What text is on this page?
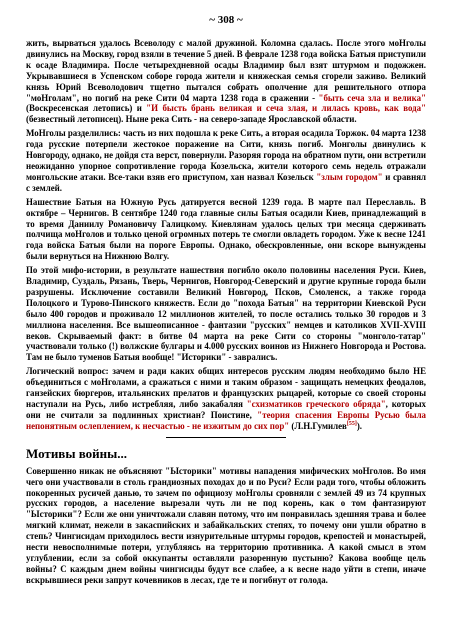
~ 308 ~

жить, вырваться удалось Всеволоду с малой дружиной. Коломна сдалась. После этого моНголы двинулись на Москву, город взяли в течение 5 дней. В феврале 1238 года войска Батыя приступили к осаде Владимира. После четырехдневной осады Владимир был взят штурмом и подожжен. Укрывавшиеся в Успенском соборе города жители и княжеская семья сгорели заживо. Великий князь Юрий Всеволодович тщетно пытался собрать ополчение для решительного отпора "моНголам", но погиб на реке Сити 04 марта 1238 года в сражении - "быть сеча зла и велика" (Воскресенская летопись) и "И бысть брань великая и сеча злая, и лилась кровь, как вода" (безвестный летописец). Ныне река Сить - на северо-западе Ярославской области.

МоНголы разделились: часть из них подошла к реке Сить, а вторая осадила Торжок. 04 марта 1238 года русские потерпели жестокое поражение на Сити, князь погиб. Монголы двинулись к Новгороду, однако, не дойдя ста верст, повернули. Разоряя города на обратном пути, они встретили неожиданно упорное сопротивление города Козельска, жители которого семь недель отражали монгольские атаки. Все-таки взяв его приступом, хан назвал Козельск "злым городом" и сравнял с землей.

Нашествие Батыя на Южную Русь датируется весной 1239 года. В марте пал Переславль. В октябре – Чернигов. В сентябре 1240 года главные силы Батыя осадили Киев, принадлежащий в то время Даниилу Романовичу Галицкому. Киевлянам удалось целых три месяца сдерживать полчища моНголов и только ценой огромных потерь те смогли овладеть городом. Уже к весне 1241 года войска Батыя были на пороге Европы. Однако, обескровленные, они вскоре вынуждены были вернуться на Нижнюю Волгу.

По этой мифо-истории, в результате нашествия погибло около половины населения Руси. Киев, Владимир, Суздаль, Рязань, Тверь, Чернигов, Новгород-Северский и другие крупные города были разрушены. Исключение составили Великий Новгород, Псков, Смоленск, а также города Полоцкого и Турово-Пинского княжеств. Если до "похода Батыя" на территории Киевской Руси было 400 городов и проживало 12 миллионов жителей, то после остались только 30 городов и 3 миллиона населения. Все вышеописанное - фантазии "русских" немцев и католиков XVII-XVIII веков. Скрываемый факт: в битве 04 марта на реке Сити со стороны "монголо-татар" участвовали только (!) волжские булгары и 4.000 русских воинов из Нижнего Новгорода и Ростова. Там не было туменов Батыя вообще! "Историки" - завралисъ.

Логический вопрос: зачем и ради каких общих интересов русским людям необходимо было НЕ объединиться с моНголами, а сражаться с ними и таким образом - защищать немецких феодалов, ганзейских бюргеров, итальянских прелатов и французских рыцарей, которые со своей стороны наступали на Русь, либо истребляя, либо закабаляя "схизматиков греческого обряда", которых они не считали за подлинных христиан? Поистине, "теория спасения Европы Русью была непонятным ослеплением, к несчастью - не изжитым до сих пор" (Л.Н.Гумилев[55]).

Мотивы войны...

Совершенно никак не объясняют "Ысторики" мотивы нападения мифических моНголов. Во имя чего они участвовали в столь грандиозных походах до и по Руси? Если ради того, чтобы обложить покоренных русичей данью, то зачем по официозу моНголы сровняли с землей 49 из 74 крупных русских городов, а население вырезали чуть ли не под корень, как о том фантазируют "Ысторики"? Если же они уничтожали славян потому, что им понравилась здешняя трава и более мягкий климат, нежели в закаспийских и забайкальских степях, то почему они ушли обратно в степь? Чингисидам приходилось вести изнурительные штурмы городов, крепостей и монастырей, нести невосполнимые потери, углубляясь на территорию противника. А какой смысл в этом углублении, если за собой оккупанты оставляли разоренную пустыню? Какова вообще цель войны? С каждым днем войны чингисиды будут все слабее, а к весне надо уйти в степи, иначе вскрывшиеся реки запрут кочевников в лесах, где те и погибнут от голода.
